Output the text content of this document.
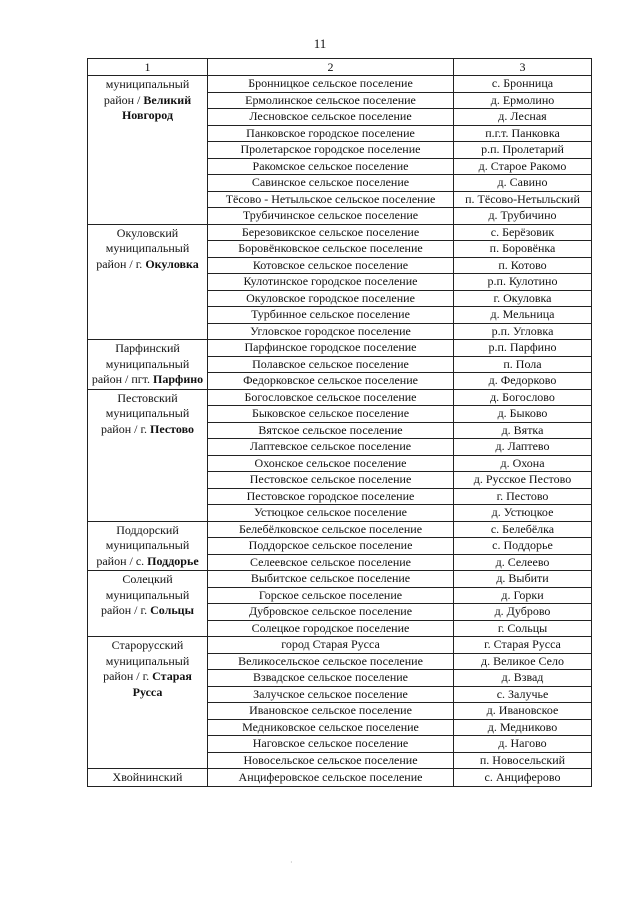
11
1	2	3
муниципальный район / Великий Новгород	Бронницкое сельское поселение	с. Бронница
	Ермолинское сельское поселение	д. Ермолино
	Лесновское сельское поселение	д. Лесная
	Панковское городское поселение	п.г.т. Панковка
	Пролетарское городское поселение	р.п. Пролетарий
	Ракомское сельское поселение	д. Старое Ракомо
	Савинское сельское поселение	д. Савино
	Тёсово - Нетыльское сельское поселение	п. Тёсово-Нетыльский
	Трубичинское сельское поселение	д. Трубичино
Окуловский муниципальный район / г. Окуловка	Березовикское сельское поселение	с. Берёзовик
	Боровёнковское сельское поселение	п. Боровёнка
	Котовское сельское поселение	п. Котово
	Кулотинское городское поселение	р.п. Кулотино
	Окуловское городское поселение	г. Окуловка
	Турбинное сельское поселение	д. Мельница
	Угловское городское поселение	р.п. Угловка
Парфинский муниципальный район / пгт. Парфино	Парфинское городское поселение	р.п. Парфино
	Полавское сельское поселение	п. Пола
	Федорковское сельское поселение	д. Федорково
Пестовский муниципальный район / г. Пестово	Богословское сельское поселение	д. Богослово
	Быковское сельское поселение	д. Быково
	Вятское сельское поселение	д. Вятка
	Лаптевское сельское поселение	д. Лаптево
	Охонское сельское поселение	д. Охона
	Пестовское сельское поселение	д. Русское Пестово
	Пестовское городское поселение	г. Пестово
	Устюцкое сельское поселение	д. Устюцкое
Поддорский муниципальный район / с. Поддорье	Белебёлковское сельское поселение	с. Белебёлка
	Поддорское сельское поселение	с. Поддорье
	Селеевское сельское поселение	д. Селеево
Солецкий муниципальный район / г. Сольцы	Выбитское сельское поселение	д. Выбити
	Горское сельское поселение	д. Горки
	Дубровское сельское поселение	д. Дуброво
	Солецкое городское поселение	г. Сольцы
Старорусский муниципальный район / г. Старая Русса	город Старая Русса	г. Старая Русса
	Великосельское сельское поселение	д. Великое Село
	Взвадское сельское поселение	д. Взвад
	Залучское сельское поселение	с. Залучье
	Ивановское сельское поселение	д. Ивановское
	Медниковское сельское поселение	д. Медниково
	Наговское сельское поселение	д. Нагово
	Новосельское сельское поселение	п. Новосельский
Хвойнинский	Анциферовское сельское поселение	с. Анциферово
·
